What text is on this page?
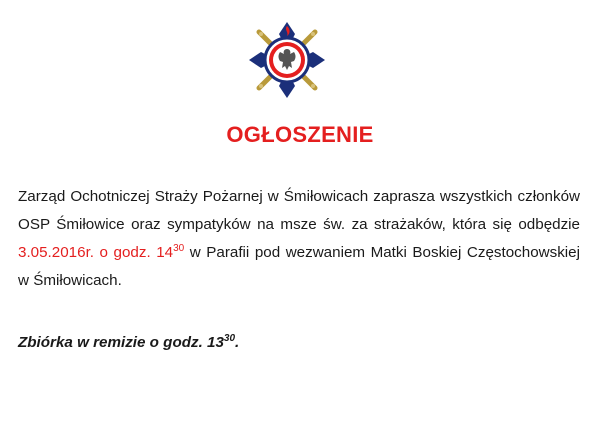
OGŁOSZENIE
Zarząd Ochotniczej Straży Pożarnej w Śmiłowicach zaprasza wszystkich członków OSP Śmiłowice oraz sympatyków na msze św. za strażaków, która się odbędzie 3.05.2016r. o godz. $14^{30}$ w Parafii pod wezwaniem Matki Boskiej Częstochowskiej w Śmiłowicach.
Zbiórka w remizie o godz. $13^{30}$.
